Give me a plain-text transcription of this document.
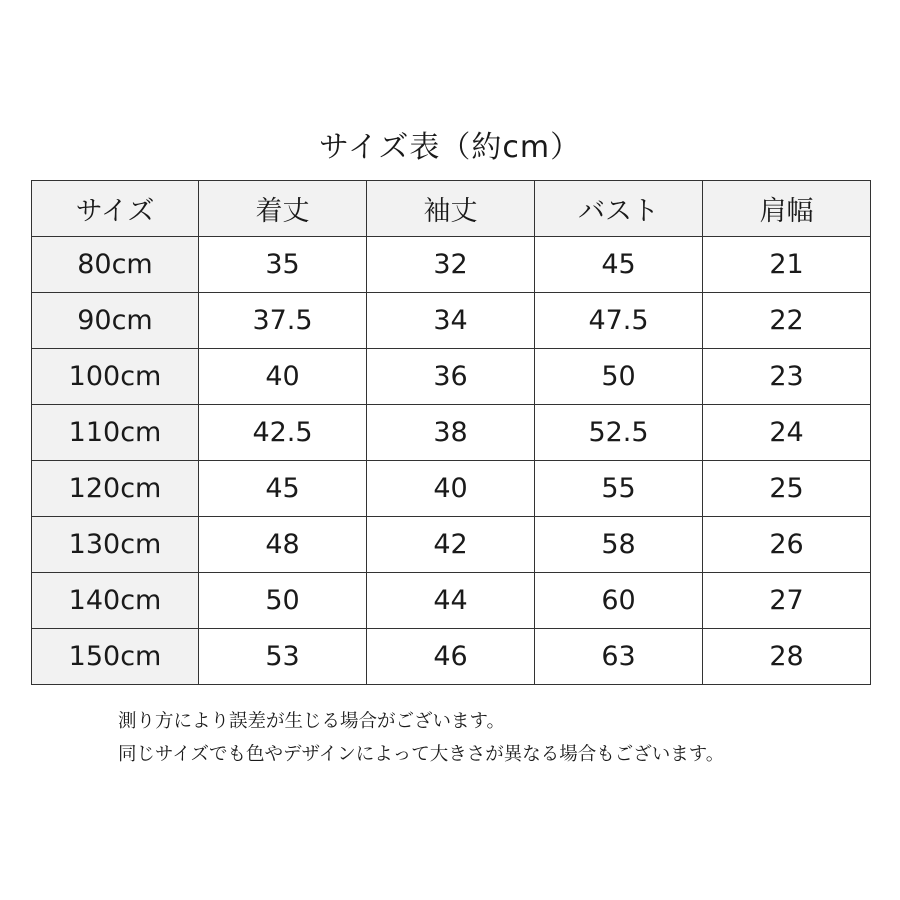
サイズ表（約cm）
サイズ	着丈	袖丈	バスト	肩幅
80cm	35	32	45	21
90cm	37.5	34	47.5	22
100cm	40	36	50	23
110cm	42.5	38	52.5	24
120cm	45	40	55	25
130cm	48	42	58	26
140cm	50	44	60	27
150cm	53	46	63	28

測り方により誤差が生じる場合がございます。

同じサイズでも色やデザインによって大きさが異なる場合もございます。
